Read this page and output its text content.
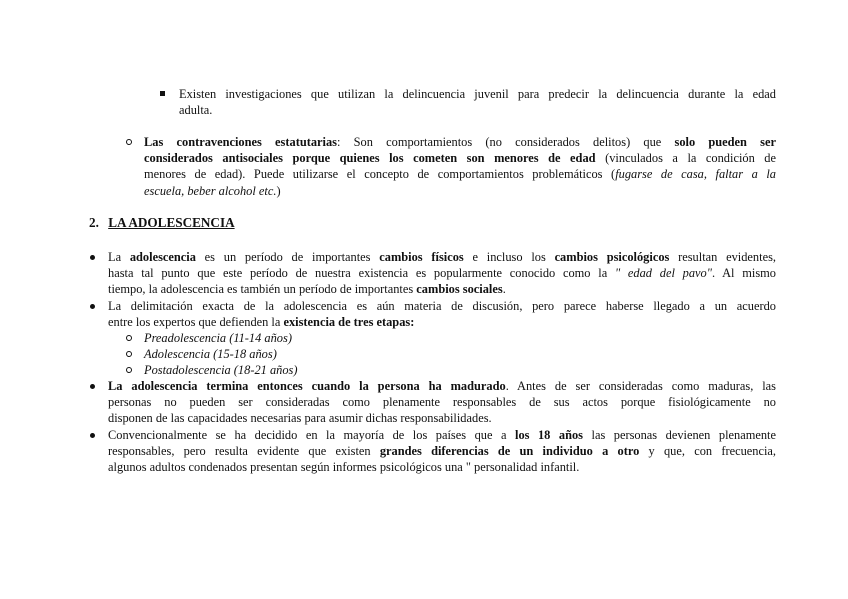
Existen investigaciones que utilizan la delincuencia juvenil para predecir la delincuencia durante la edad
adulta.
Las contravenciones estatutarias: Son comportamientos (no considerados delitos) que solo pueden ser
considerados antisociales porque quienes los cometen son menores de edad (vinculados a la condición de
menores de edad). Puede utilizarse el concepto de comportamientos problemáticos (fugarse de casa, faltar a la
escuela, beber alcohol etc.)
2. LA ADOLESCENCIA
La adolescencia es un período de importantes cambios físicos e incluso los cambios psicológicos resultan evidentes,
hasta tal punto que este período de nuestra existencia es popularmente conocido como la " edad del pavo". Al mismo
tiempo, la adolescencia es también un período de importantes cambios sociales.
La delimitación exacta de la adolescencia es aún materia de discusión, pero parece haberse llegado a un acuerdo
entre los expertos que defienden la existencia de tres etapas:
Preadolescencia (11-14 años)
Adolescencia (15-18 años)
Postadolescencia (18-21 años)
La adolescencia termina entonces cuando la persona ha madurado. Antes de ser consideradas como maduras, las
personas no pueden ser consideradas como plenamente responsables de sus actos porque fisiológicamente no
disponen de las capacidades necesarias para asumir dichas responsabilidades.
Convencionalmente se ha decidido en la mayoría de los países que a los 18 años las personas devienen plenamente
responsables, pero resulta evidente que existen grandes diferencias de un individuo a otro y que, con frecuencia,
algunos adultos condenados presentan según informes psicológicos una " personalidad infantil.
